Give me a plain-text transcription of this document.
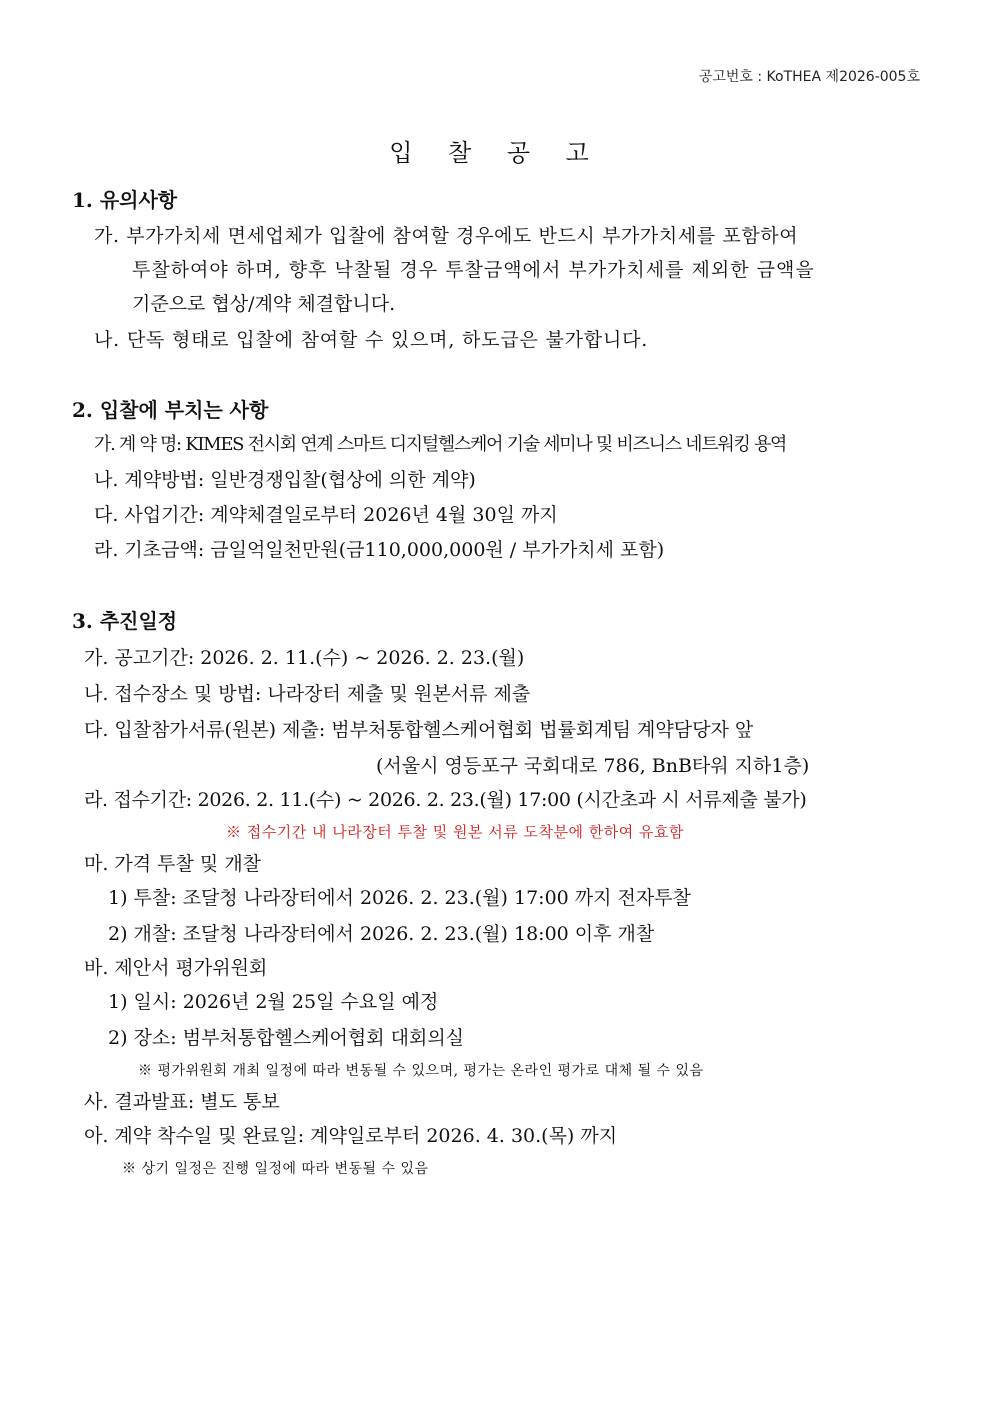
공고번호 : KoTHEA 제2026-005호
입 찰 공 고
1. 유의사항
가. 부가가치세 면세업체가 입찰에 참여할 경우에도 반드시 부가가치세를 포함하여
투찰하여야 하며, 향후 낙찰될 경우 투찰금액에서 부가가치세를 제외한 금액을
기준으로 협상/계약 체결합니다.
나. 단독 형태로 입찰에 참여할 수 있으며, 하도급은 불가합니다.
2. 입찰에 부치는 사항
가. 계 약 명: KIMES 전시회 연계 스마트 디지털헬스케어 기술 세미나 및 비즈니스 네트워킹 용역
나. 계약방법: 일반경쟁입찰(협상에 의한 계약)
다. 사업기간: 계약체결일로부터 2026년 4월 30일 까지
라. 기초금액: 금일억일천만원(금110,000,000원 / 부가가치세 포함)
3. 추진일정
가. 공고기간: 2026. 2. 11.(수) ~ 2026. 2. 23.(월)
나. 접수장소 및 방법: 나라장터 제출 및 원본서류 제출
다. 입찰참가서류(원본) 제출: 범부처통합헬스케어협회 법률회계팀 계약담당자 앞
(서울시 영등포구 국회대로 786, BnB타워 지하1층)
라. 접수기간: 2026. 2. 11.(수) ~ 2026. 2. 23.(월) 17:00 (시간초과 시 서류제출 불가)
※ 접수기간 내 나라장터 투찰 및 원본 서류 도착분에 한하여 유효함
마. 가격 투찰 및 개찰
1) 투찰: 조달청 나라장터에서 2026. 2. 23.(월) 17:00 까지 전자투찰
2) 개찰: 조달청 나라장터에서 2026. 2. 23.(월) 18:00 이후 개찰
바. 제안서 평가위원회
1) 일시: 2026년 2월 25일 수요일 예정
2) 장소: 범부처통합헬스케어협회 대회의실
※ 평가위원회 개최 일정에 따라 변동될 수 있으며, 평가는 온라인 평가로 대체 될 수 있음
사. 결과발표: 별도 통보
아. 계약 착수일 및 완료일: 계약일로부터 2026. 4. 30.(목) 까지
※ 상기 일정은 진행 일정에 따라 변동될 수 있음
